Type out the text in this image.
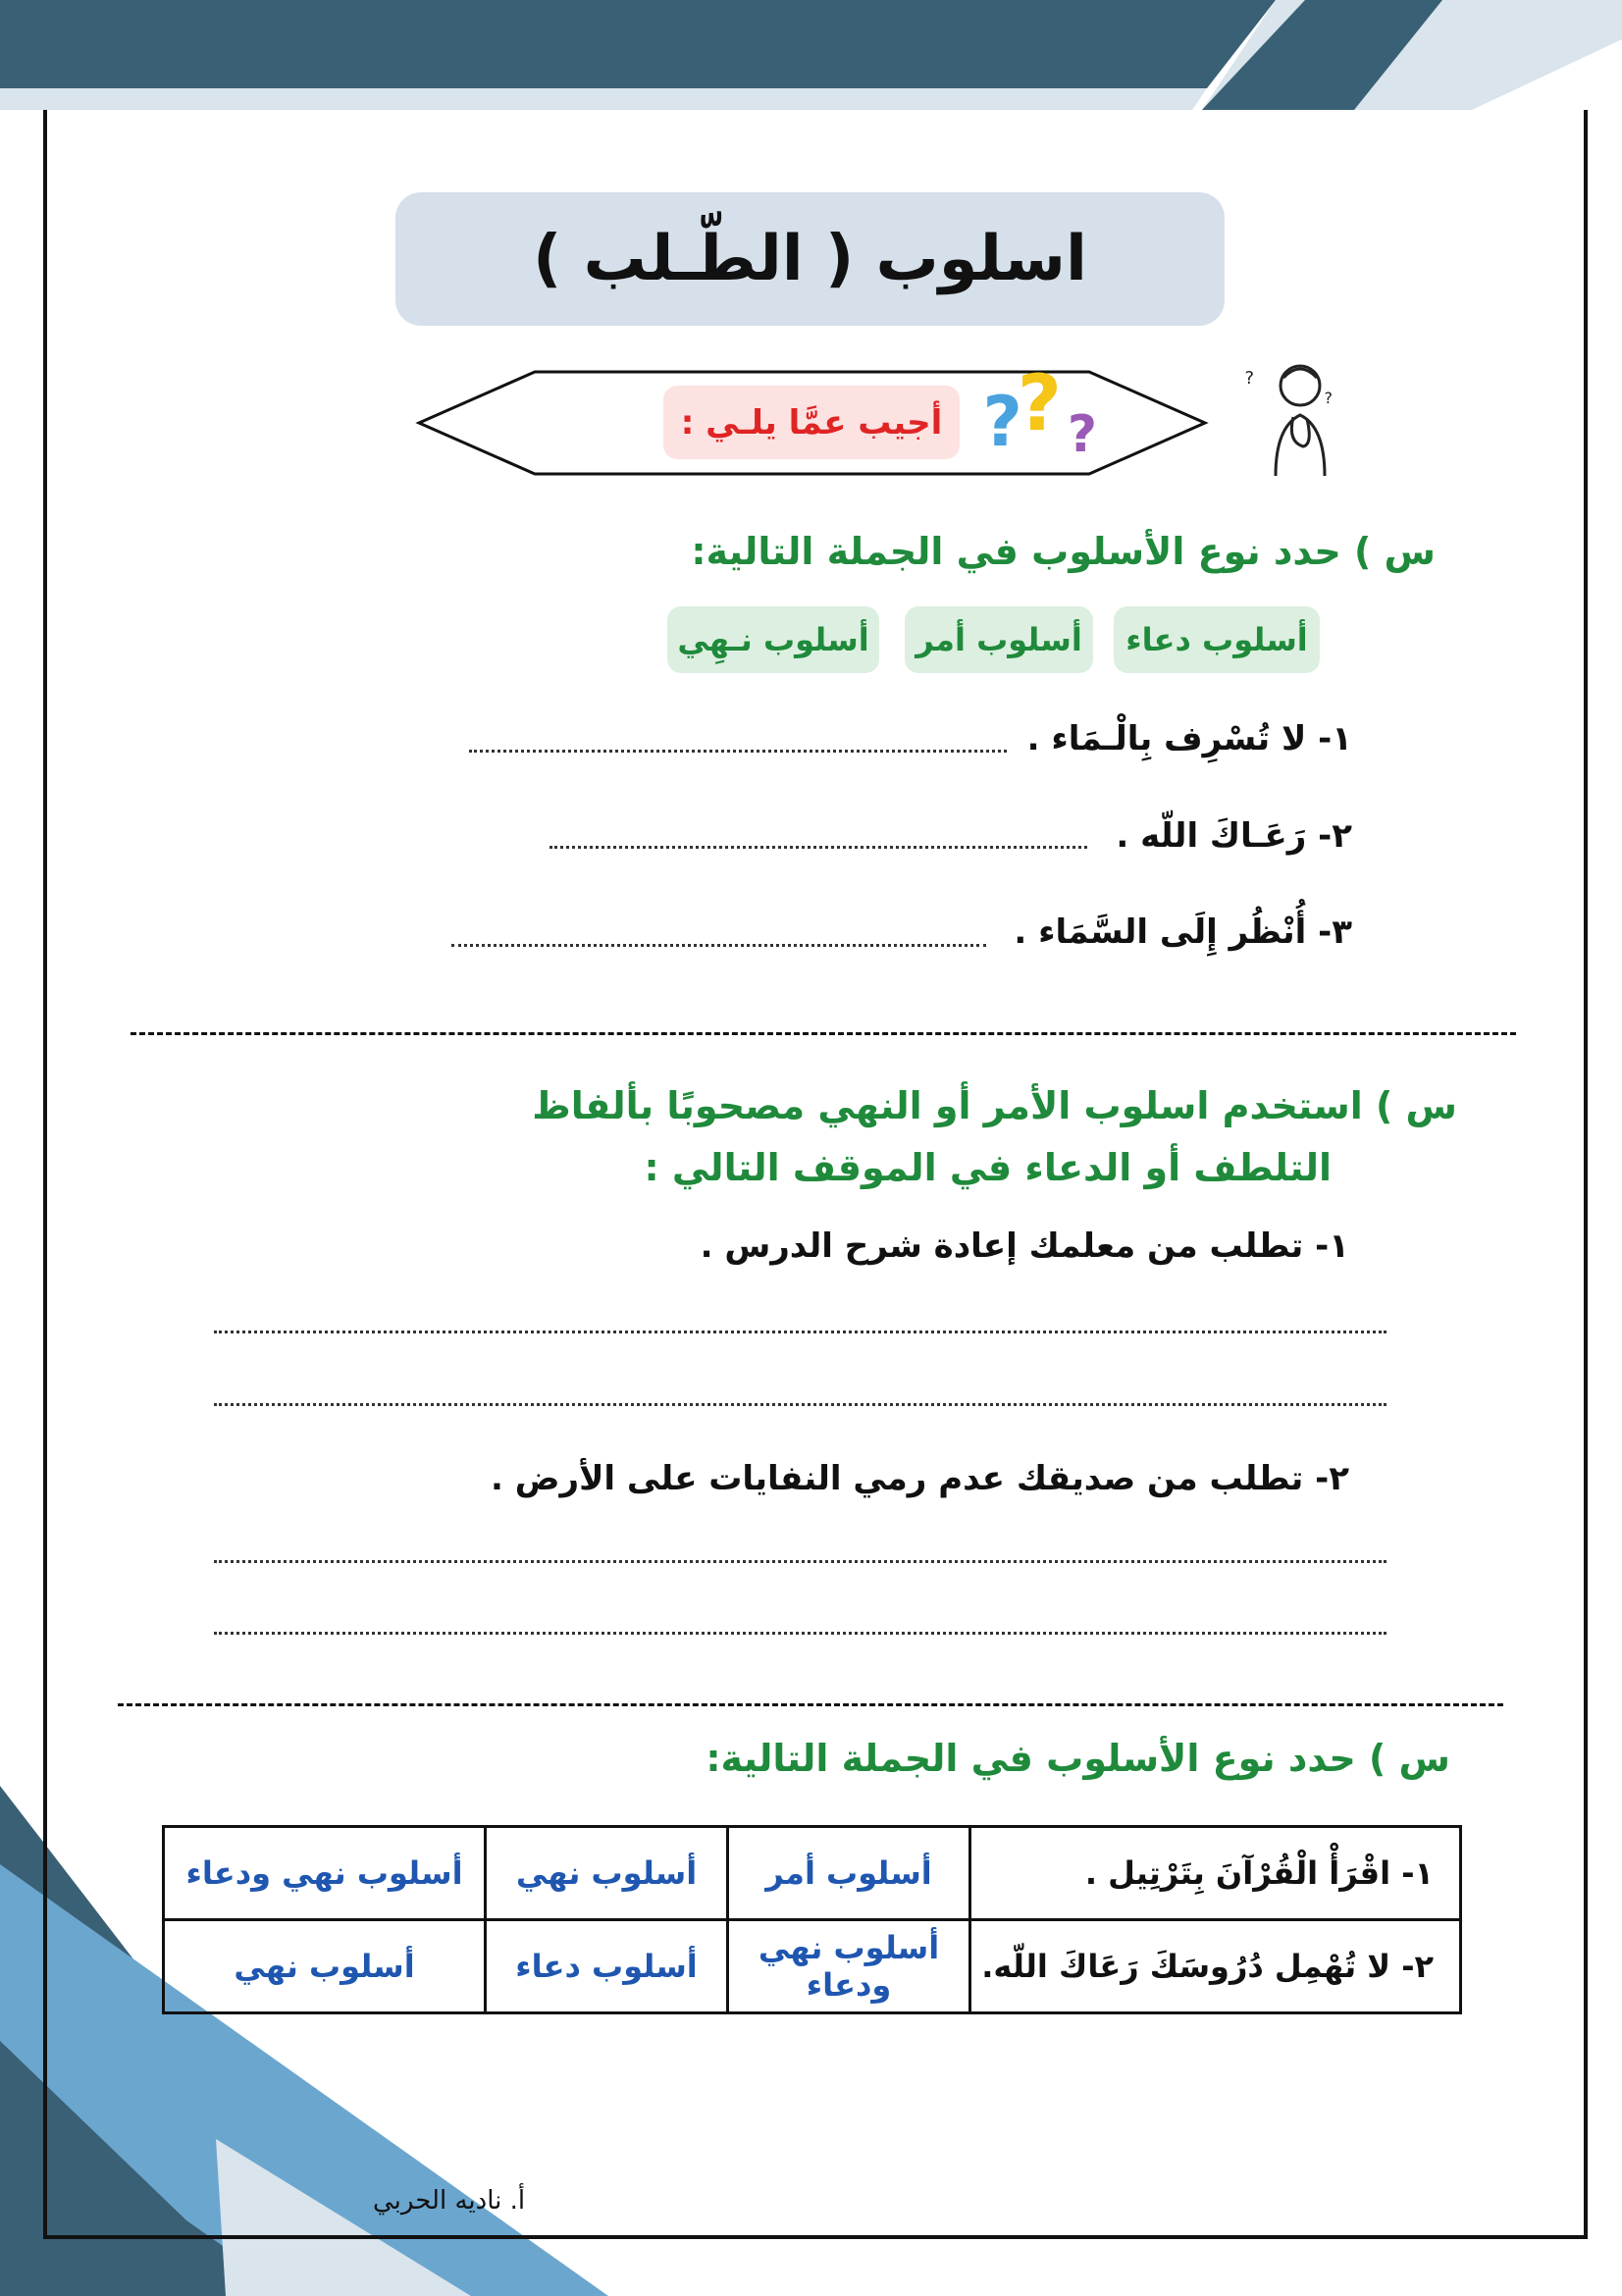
اسلوب ( الطّـلب )
أجيب عمَّا يلـي : ?
? ?
?
?
س ) حدد نوع الأسلوب في الجملة التالية:
أسلوب دعاء
أسلوب أمر
أسلوب نـهِي
١- لا تُسْرِف بِالْـمَاء .
٢- رَعَـاكَ اللّه .
٣- أُنْظُر إِلَى السَّمَاء .
س ) استخدم اسلوب الأمر أو النهي مصحوبًا بألفاظ
التلطف أو الدعاء في الموقف التالي :
١- تطلب من معلمك إعادة شرح الدرس .
٢- تطلب من صديقك عدم رمي النفايات على الأرض .
س ) حدد نوع الأسلوب في الجملة التالية:
١- اقْرَأْ الْقُرْآنَ بِتَرْتِيل .	أسلوب أمر	أسلوب نهي	أسلوب نهي ودعاء
٢- لا تُهْمِل دُرُوسَكَ رَعَاكَ اللّه.	أسلوب نهي ودعاء	أسلوب دعاء	أسلوب نهي
أ. ناديه الحربي
